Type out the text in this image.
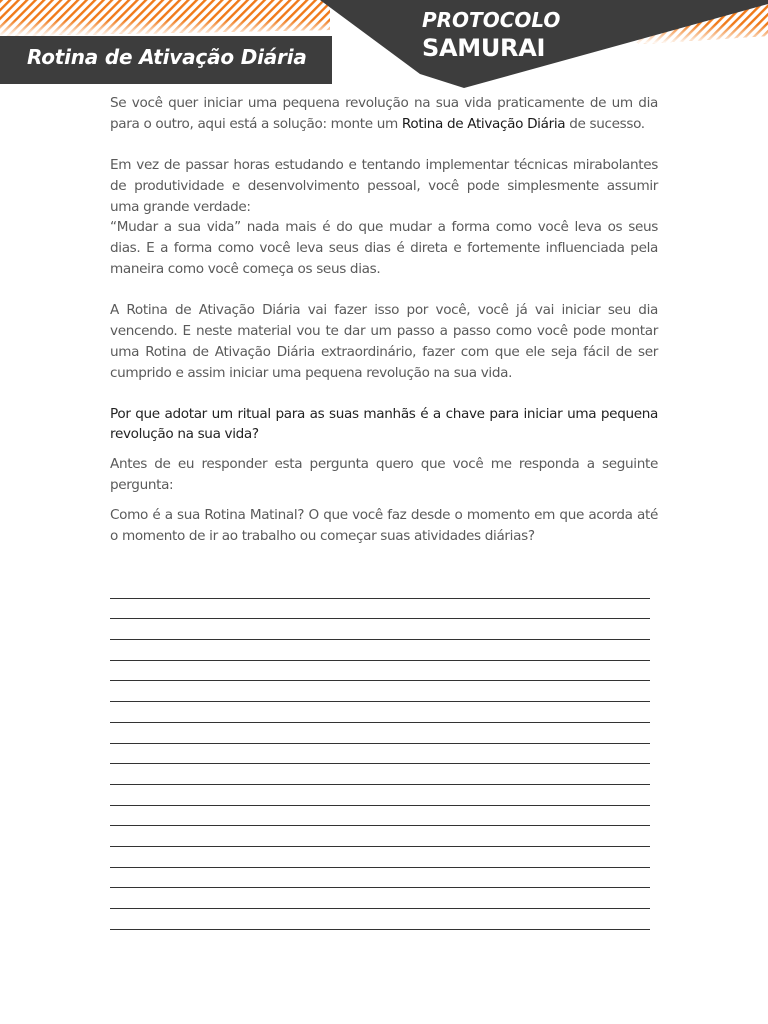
Rotina de Ativação Diária
PROTOCOLO
SAMURAI

Se você quer iniciar uma pequena revolução na sua vida praticamente de um dia para o outro, aqui está a solução: monte um Rotina de Ativação Diária de sucesso.

Em vez de passar horas estudando e tentando implementar técnicas mirabolantes de produtividade e desenvolvimento pessoal, você pode simplesmente assumir uma grande verdade:

“Mudar a sua vida” nada mais é do que mudar a forma como você leva os seus dias. E a forma como você leva seus dias é direta e fortemente influenciada pela maneira como você começa os seus dias.

A Rotina de Ativação Diária vai fazer isso por você, você já vai iniciar seu dia vencendo. E neste material vou te dar um passo a passo como você pode montar uma Rotina de Ativação Diária extraordinário, fazer com que ele seja fácil de ser cumprido e assim iniciar uma pequena revolução na sua vida.

Por que adotar um ritual para as suas manhãs é a chave para iniciar uma pequena revolução na sua vida?

Antes de eu responder esta pergunta quero que você me responda a seguinte pergunta:

Como é a sua Rotina Matinal? O que você faz desde o momento em que acorda até o momento de ir ao trabalho ou começar suas atividades diárias?
